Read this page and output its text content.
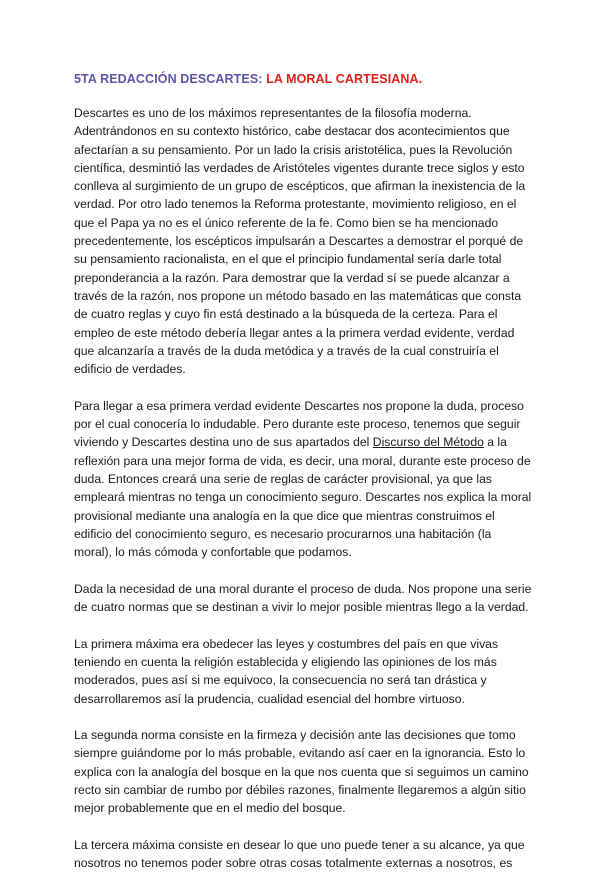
5TA REDACCIÓN DESCARTES: LA MORAL CARTESIANA.
Descartes es uno de los máximos representantes de la filosofía moderna.
Adentrándonos en su contexto histórico, cabe destacar dos acontecimientos que
afectarían a su pensamiento. Por un lado la crisis aristotélica, pues la Revolución
científica, desmintió las verdades de Aristóteles vigentes durante trece siglos y esto
conlleva al surgimiento de un grupo de escépticos, que afirman la inexistencia de la
verdad. Por otro lado tenemos la Reforma protestante, movimiento religioso, en el
que el Papa ya no es el único referente de la fe. Como bien se ha mencionado
precedentemente, los escépticos impulsarán a Descartes a demostrar el porqué de
su pensamiento racionalista, en el que el principio fundamental sería darle total
preponderancia a la razón. Para demostrar que la verdad sí se puede alcanzar a
través de la razón, nos propone un método basado en las matemáticas que consta
de cuatro reglas y cuyo fin está destinado a la búsqueda de la certeza. Para el
empleo de este método debería llegar antes a la primera verdad evidente, verdad
que alcanzaría a través de la duda metódica y a través de la cual construiría el
edificio de verdades.
Para llegar a esa primera verdad evidente Descartes nos propone la duda, proceso
por el cual conocería lo indudable. Pero durante este proceso, tenemos que seguir
viviendo y Descartes destina uno de sus apartados del Discurso del Método a la
reflexión para una mejor forma de vida, es decir, una moral, durante este proceso de
duda. Entonces creará una serie de reglas de carácter provisional, ya que las
empleará mientras no tenga un conocimiento seguro. Descartes nos explica la moral
provisional mediante una analogía en la que dice que mientras construimos el
edificio del conocimiento seguro, es necesario procurarnos una habitación (la
moral), lo más cómoda y confortable que podamos.
Dada la necesidad de una moral durante el proceso de duda. Nos propone una serie
de cuatro normas que se destinan a vivir lo mejor posible mientras llego a la verdad.
La primera máxima era obedecer las leyes y costumbres del país en que vivas
teniendo en cuenta la religión establecida y eligiendo las opiniones de los más
moderados, pues así si me equivoco, la consecuencia no será tan drástica y
desarrollaremos así la prudencia, cualidad esencial del hombre virtuoso.
La segunda norma consiste en la firmeza y decisión ante las decisiones que tomo
siempre guiándome por lo más probable, evitando así caer en la ignorancia. Esto lo
explica con la analogía del bosque en la que nos cuenta que si seguimos un camino
recto sin cambiar de rumbo por débiles razones, finalmente llegaremos a algún sitio
mejor probablemente que en el medio del bosque.
La tercera máxima consiste en desear lo que uno puede tener a su alcance, ya que
nosotros no tenemos poder sobre otras cosas totalmente externas a nosotros, es
